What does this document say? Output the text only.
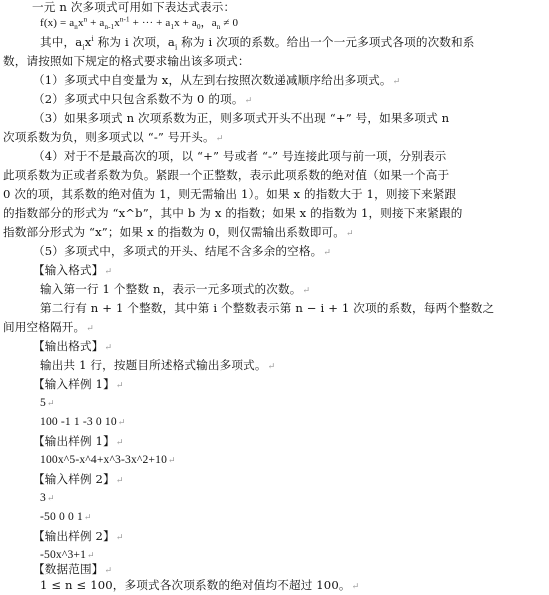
一元 n 次多项式可用如下表达式表示：
$f(x) = a_nx^n + a_{n-1}x^{n-1}$ + ··· + $a_1x + a_0$，$a_n \ne 0$
其中，$a_ix^i$ 称为 i 次项，$a_i$ 称为 i 次项的系数。给出一个一元多项式各项的次数和系
数，请按照如下规定的格式要求输出该多项式：
（1）多项式中自变量为 x，从左到右按照次数递减顺序给出多项式。↵
（2）多项式中只包含系数不为 0 的项。↵
（3）如果多项式 n 次项系数为正，则多项式开头不出现 “+” 号，如果多项式 n
次项系数为负，则多项式以 “-” 号开头。↵
（4）对于不是最高次的项，以 “+” 号或者 “-” 号连接此项与前一项，分别表示
此项系数为正或者系数为负。紧跟一个正整数，表示此项系数的绝对值（如果一个高于
0 次的项，其系数的绝对值为 1，则无需输出 1）。如果 x 的指数大于 1，则接下来紧跟
的指数部分的形式为 “x^b”，其中 b 为 x 的指数；如果 x 的指数为 1，则接下来紧跟的
指数部分形式为 “x”；如果 x 的指数为 0，则仅需输出系数即可。↵
（5）多项式中，多项式的开头、结尾不含多余的空格。↵
【输入格式】↵
输入第一行 1 个整数 n，表示一元多项式的次数。↵
第二行有 n + 1 个整数，其中第 i 个整数表示第 n − i + 1 次项的系数，每两个整数之
间用空格隔开。↵
【输出格式】↵
输出共 1 行，按题目所述格式输出多项式。↵
【输入样例 1】↵
5↵
100 -1 1 -3 0 10↵
【输出样例 1】↵
100x^5-x^4+x^3-3x^2+10↵
【输入样例 2】↵
3↵
-50 0 0 1↵
【输出样例 2】↵
-50x^3+1↵
【数据范围】↵
1 ≤ n ≤ 100，多项式各次项系数的绝对值均不超过 100。↵
